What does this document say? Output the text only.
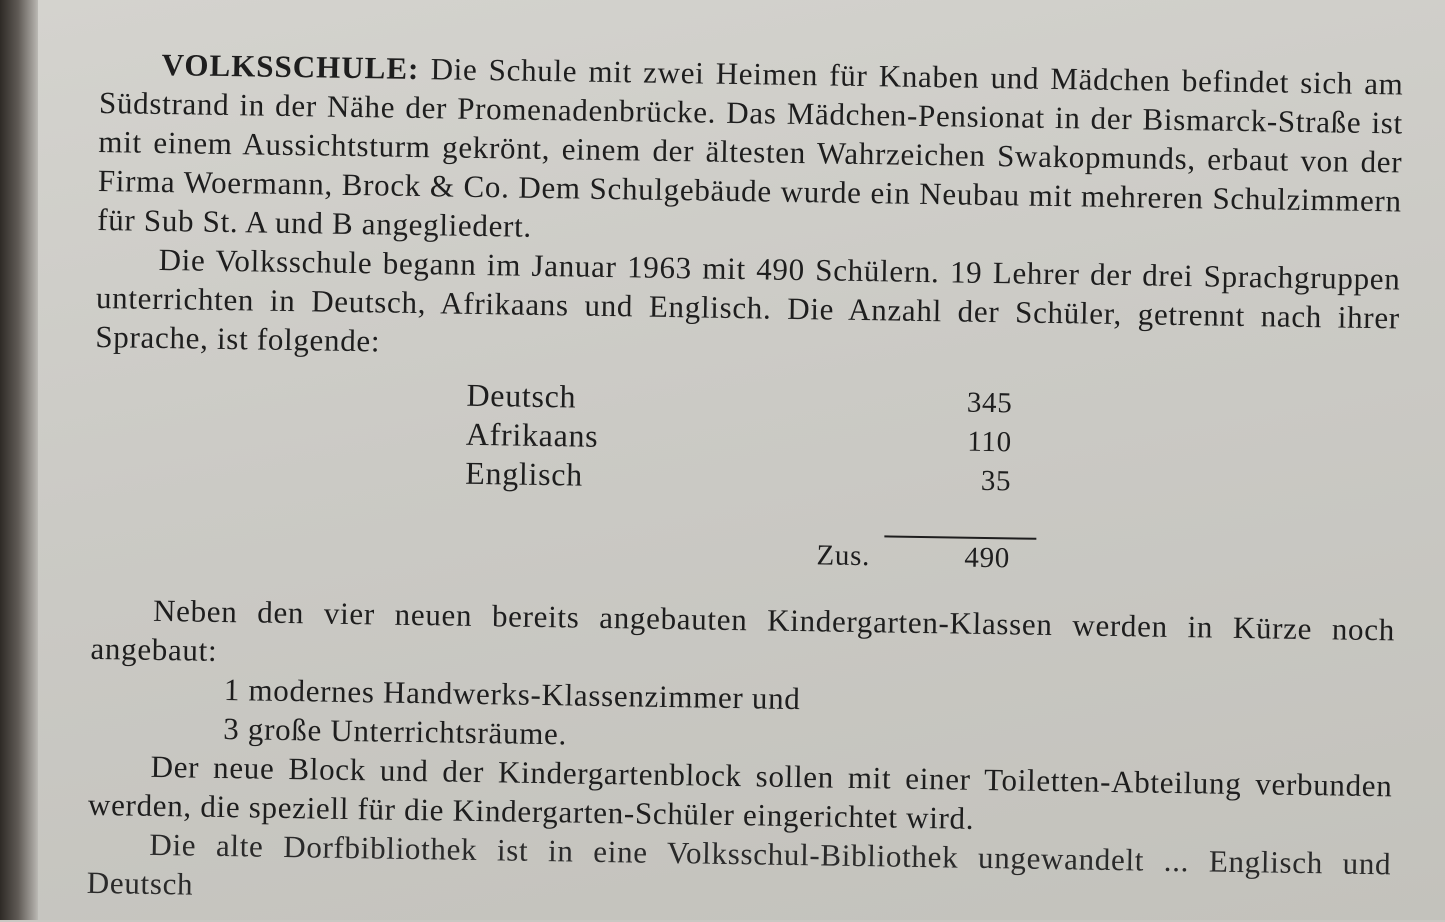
VOLKSSCHULE: Die Schule mit zwei Heimen für Knaben und Mädchen befindet sich am Südstrand in der Nähe der Promenadenbrücke. Das Mädchen-Pensionat in der Bismarck-Straße ist mit einem Aussichtsturm gekrönt, einem der ältesten Wahrzeichen Swakopmunds, erbaut von der Firma Woermann, Brock & Co. Dem Schulgebäude wurde ein Neubau mit mehreren Schulzimmern für Sub St. A und B angegliedert.

Die Volksschule begann im Januar 1963 mit 490 Schülern. 19 Lehrer der drei Sprachgruppen unterrichten in Deutsch, Afrikaans und Englisch. Die Anzahl der Schüler, getrennt nach ihrer Sprache, ist folgende:

Deutsch	345
Afrikaans	110
Englisch	35

Zus.	490

Neben den vier neuen bereits angebauten Kindergarten-Klassen werden in Kürze noch angebaut:

1 modernes Handwerks-Klassenzimmer und

3 große Unterrichtsräume.

Der neue Block und der Kindergartenblock sollen mit einer Toiletten-Abteilung verbunden werden, die speziell für die Kindergarten-Schüler eingerichtet wird.

Die alte Dorfbibliothek ist in eine Volksschul-Bibliothek ungewandelt ... Englisch und Deutsch
